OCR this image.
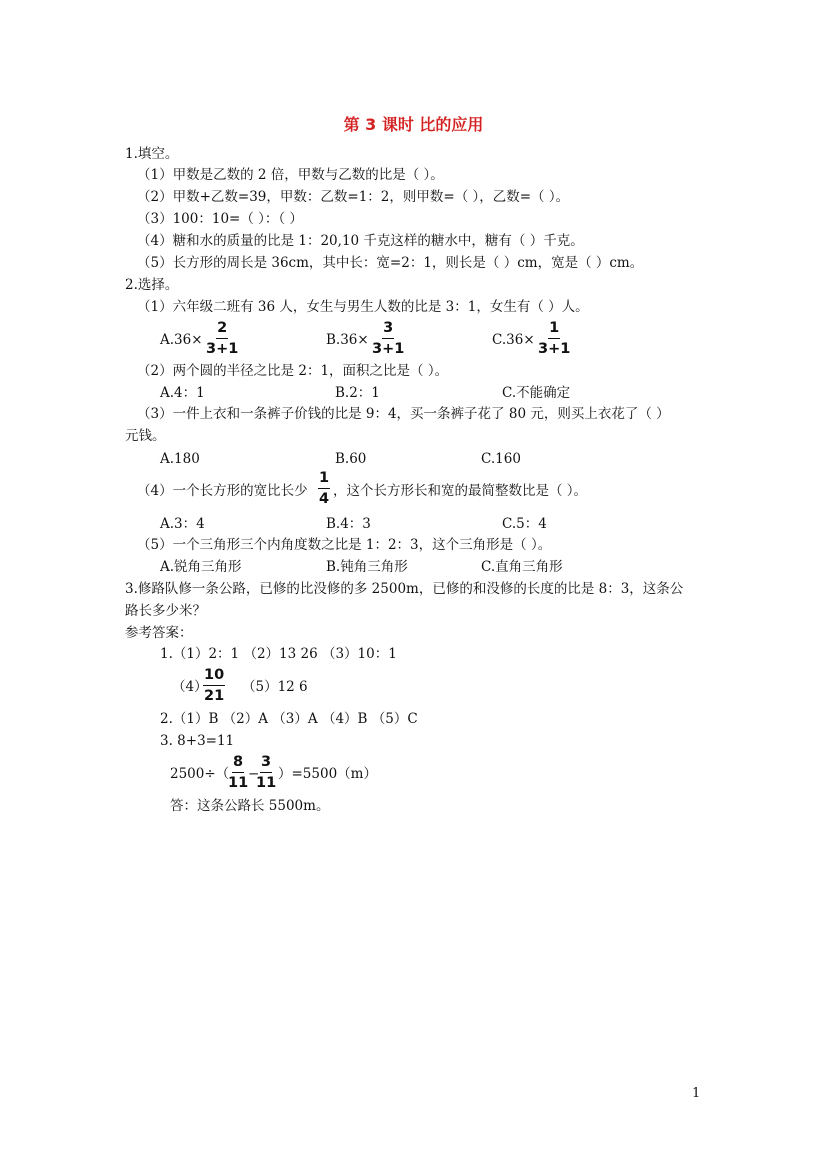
第 3 课时 比的应用
1.填空。
（1）甲数是乙数的 2 倍，甲数与乙数的比是（ ）。
（2）甲数+乙数=39，甲数：乙数=1：2，则甲数=（ ），乙数=（ ）。
（3）100：10=（ ）：（ ）
（4）糖和水的质量的比是 1：20,10 千克这样的糖水中，糖有（ ）千克。
（5）长方形的周长是 36cm，其中长：宽=2：1，则长是（ ）cm，宽是（ ）cm。
2.选择。
（1）六年级二班有 36 人，女生与男生人数的比是 3：1，女生有（ ）人。
$A.36\times \frac{2}{3+1}$	$B.36\times \frac{3}{3+1}$	$C.36\times \frac{1}{3+1}$
（2）两个圆的半径之比是 2：1，面积之比是（ ）。
A.4：1	B.2：1	C.不能确定
（3）一件上衣和一条裤子价钱的比是 9：4，买一条裤子花了 80 元，则买上衣花了（ ）
元钱。
A.180	B.60	C.160
（4）一个长方形的宽比长少 $\frac{1}{4}$ ，这个长方形长和宽的最简整数比是（ ）。
A.3：4	B.4：3	C.5：4
（5）一个三角形三个内角度数之比是 1：2：3，这个三角形是（ ）。
A.锐角三角形	B.钝角三角形	C.直角三角形
3.修路队修一条公路，已修的比没修的多 2500m，已修的和没修的长度的比是 8：3，这条公
路长多少米？
参考答案：
1.（1）2：1 （2）13 26 （3）10：1
（4）
$\frac{10}{21} (5)12$ 6
2.（1）B （2）A （3）A （4）B （5）C
3. 8+3=11
2500÷（
$\frac{8}{11}$ −
$\frac{3}{11} )=5500(m)$
答：这条公路长 5500m。
1
